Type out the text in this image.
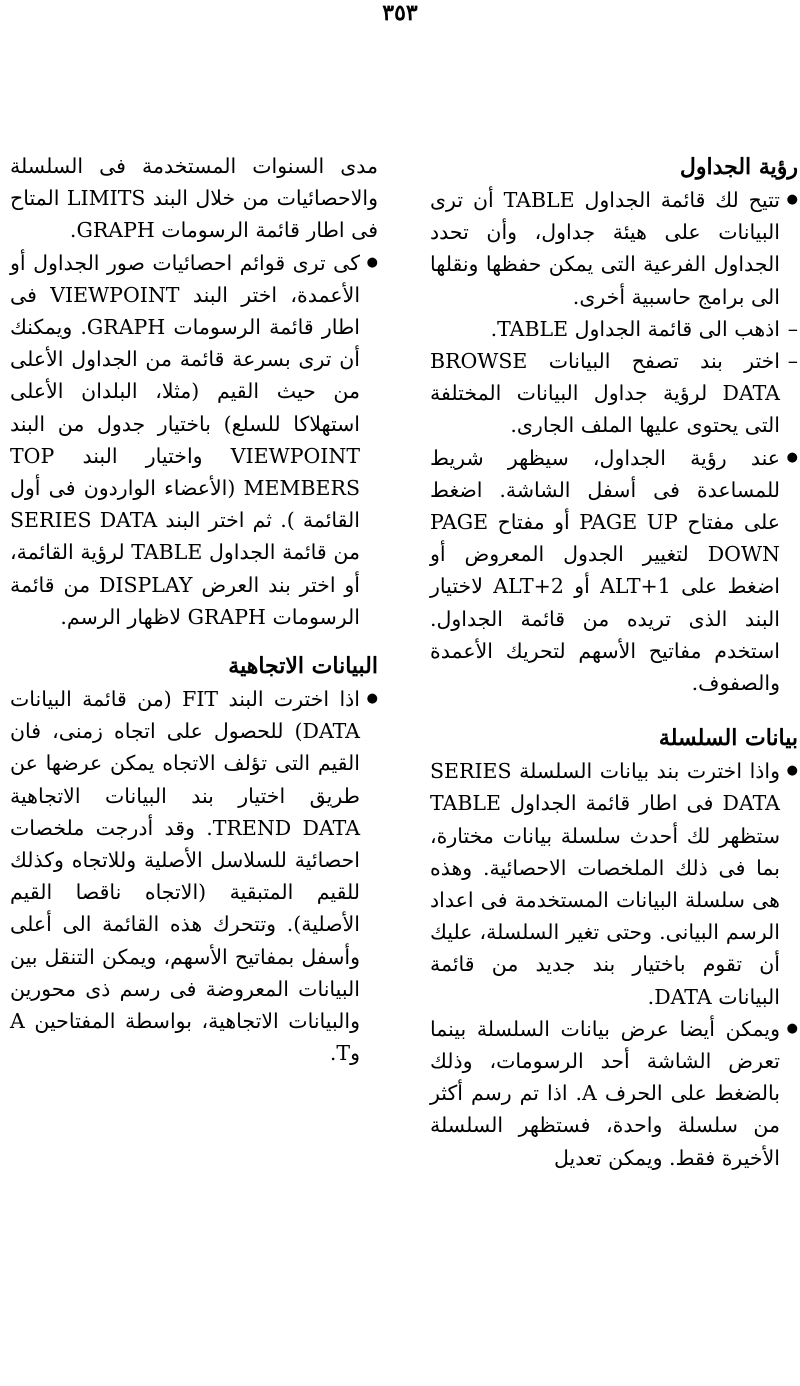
٣٥٣
رؤية الجداول

● تتيح لك قائمة الجداول TABLE أن ترى البيانات على هيئة جداول، وأن تحدد الجداول الفرعية التى يمكن حفظها ونقلها الى برامج حاسبية أخرى.

– اذهب الى قائمة الجداول TABLE.

– اختر بند تصفح البيانات BROWSE DATA لرؤية جداول البيانات المختلفة التى يحتوى عليها الملف الجارى.

● عند رؤية الجداول، سيظهر شريط للمساعدة فى أسفل الشاشة. اضغط على مفتاح PAGE UP أو مفتاح PAGE DOWN لتغيير الجدول المعروض أو اضغط على ALT+1 أو ALT+2 لاختيار البند الذى تريده من قائمة الجداول. استخدم مفاتيح الأسهم لتحريك الأعمدة والصفوف.

بيانات السلسلة

● واذا اخترت بند بيانات السلسلة SERIES DATA فى اطار قائمة الجداول TABLE ستظهر لك أحدث سلسلة بيانات مختارة، بما فى ذلك الملخصات الاحصائية. وهذه هى سلسلة البيانات المستخدمة فى اعداد الرسم البيانى. وحتى تغير السلسلة، عليك أن تقوم باختيار بند جديد من قائمة البيانات DATA.

● ويمكن أيضا عرض بيانات السلسلة بينما تعرض الشاشة أحد الرسومات، وذلك بالضغط على الحرف A. اذا تم رسم أكثر من سلسلة واحدة، فستظهر السلسلة الأخيرة فقط. ويمكن تعديل

مدى السنوات المستخدمة فى السلسلة والاحصائيات من خلال البند LIMITS المتاح فى اطار قائمة الرسومات GRAPH.

● كى ترى قوائم احصائيات صور الجداول أو الأعمدة، اختر البند VIEWPOINT فى اطار قائمة الرسومات GRAPH. ويمكنك أن ترى بسرعة قائمة من الجداول الأعلى من حيث القيم (مثلا، البلدان الأعلى استهلاكا للسلع) باختيار جدول من البند VIEWPOINT واختيار البند TOP MEMBERS (الأعضاء الواردون فى أول القائمة ). ثم اختر البند SERIES DATA من قائمة الجداول TABLE لرؤية القائمة، أو اختر بند العرض DISPLAY من قائمة الرسومات GRAPH لاظهار الرسم.

البيانات الاتجاهية

● اذا اخترت البند FIT (من قائمة البيانات DATA) للحصول على اتجاه زمنى، فان القيم التى تؤلف الاتجاه يمكن عرضها عن طريق اختيار بند البيانات الاتجاهية TREND DATA. وقد أدرجت ملخصات احصائية للسلاسل الأصلية وللاتجاه وكذلك للقيم المتبقية (الاتجاه ناقصا القيم الأصلية). وتتحرك هذه القائمة الى أعلى وأسفل بمفاتيح الأسهم، ويمكن التنقل بين البيانات المعروضة فى رسم ذى محورين والبيانات الاتجاهية، بواسطة المفتاحين A وT.
